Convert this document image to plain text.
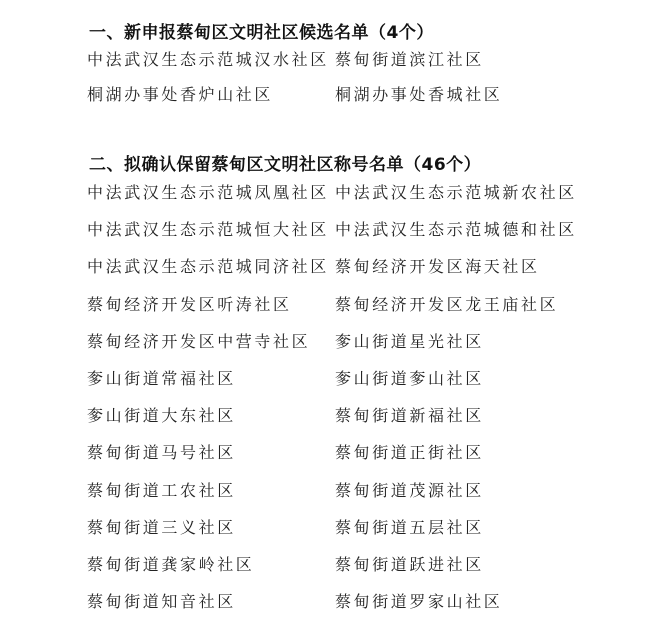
一、新申报蔡甸区文明社区候选名单（4个）
中法武汉生态示范城汉水社区 蔡甸街道滨江社区
桐湖办事处香炉山社区	桐湖办事处香城社区
二、拟确认保留蔡甸区文明社区称号名单（46个）
中法武汉生态示范城凤凰社区 中法武汉生态示范城新农社区
中法武汉生态示范城恒大社区 中法武汉生态示范城德和社区
中法武汉生态示范城同济社区 蔡甸经济开发区海天社区
蔡甸经济开发区听涛社区	蔡甸经济开发区龙王庙社区
蔡甸经济开发区中营寺社区	奓山街道星光社区
奓山街道常福社区	奓山街道奓山社区
奓山街道大东社区	蔡甸街道新福社区
蔡甸街道马号社区	蔡甸街道正街社区
蔡甸街道工农社区	蔡甸街道茂源社区
蔡甸街道三义社区	蔡甸街道五层社区
蔡甸街道龚家岭社区	蔡甸街道跃进社区
蔡甸街道知音社区	蔡甸街道罗家山社区
